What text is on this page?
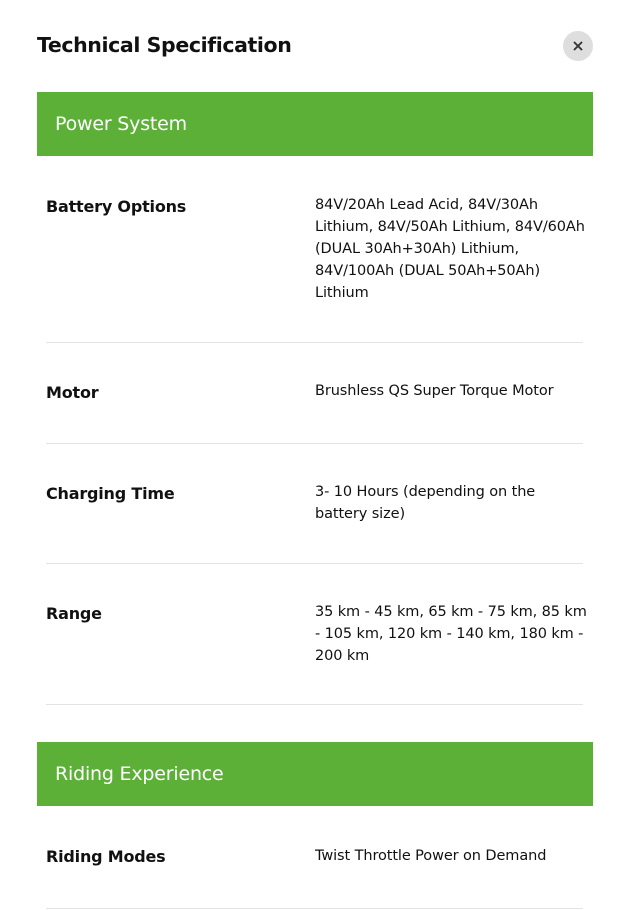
Technical Specification
Power System
Battery Options	84V/20Ah Lead Acid, 84V/30Ah Lithium, 84V/50Ah Lithium, 84V/60Ah (DUAL 30Ah+30Ah) Lithium, 84V/100Ah (DUAL 50Ah+50Ah) Lithium
Motor	Brushless QS Super Torque Motor
Charging Time	3- 10 Hours (depending on the battery size)
Range	35 km - 45 km, 65 km - 75 km, 85 km - 105 km, 120 km - 140 km, 180 km - 200 km
Riding Experience
Riding Modes	Twist Throttle Power on Demand
